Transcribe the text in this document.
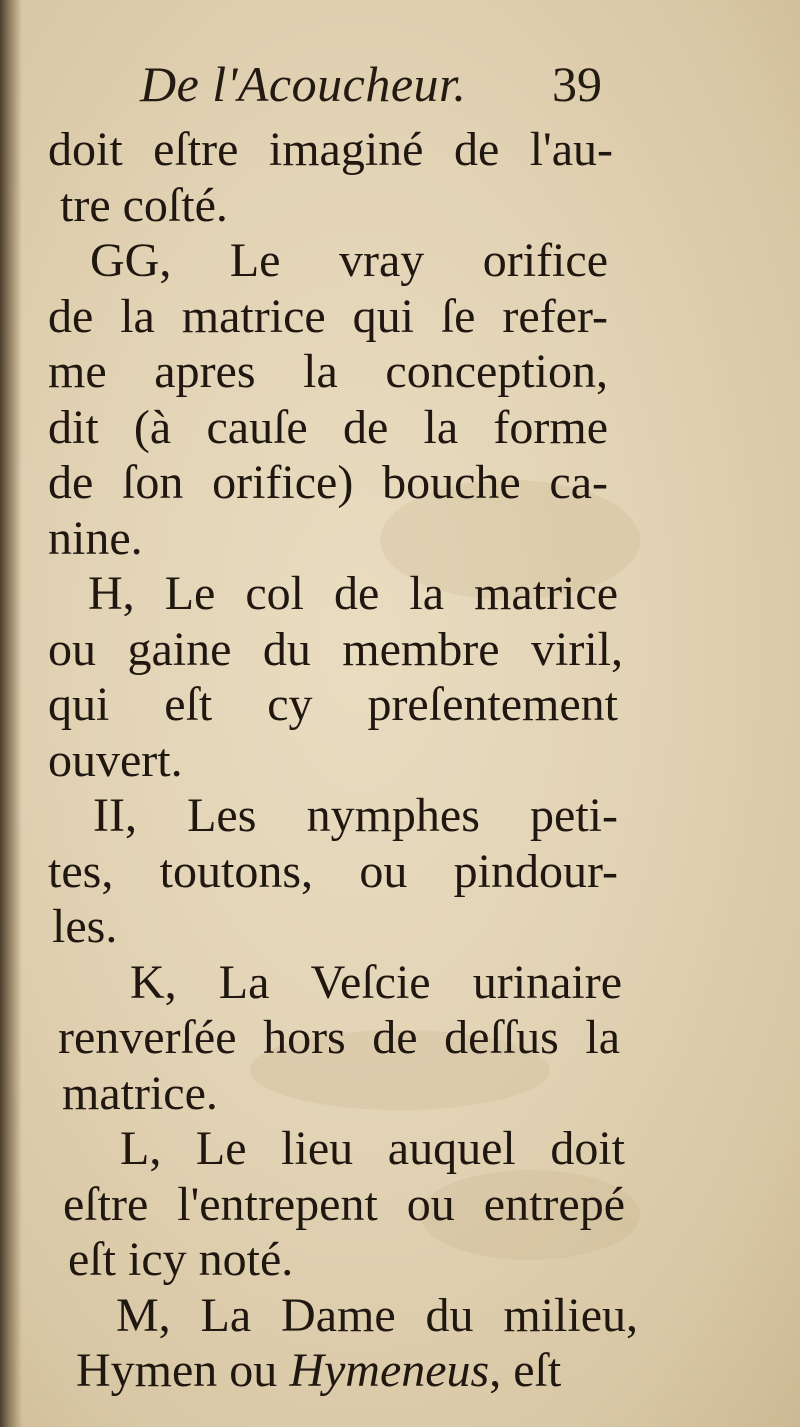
De l'Acoucheur. 39
doit eſtre imaginé de l'au-
tre coſté.
GG, Le vray orifice
de la matrice qui ſe refer-
me apres la conception,
dit (à cauſe de la forme
de ſon orifice) bouche ca-
nine.
H, Le col de la matrice
ou gaine du membre viril,
qui eſt cy preſentement
ouvert.
II, Les nymphes peti-
tes, toutons, ou pindour-
les.
K, La Veſcie urinaire
renverſée hors de deſſus la
matrice.
L, Le lieu auquel doit
eſtre l'entrepent ou entrepé
eſt icy noté.
M, La Dame du milieu,
Hymen ou Hymeneus, eſt
